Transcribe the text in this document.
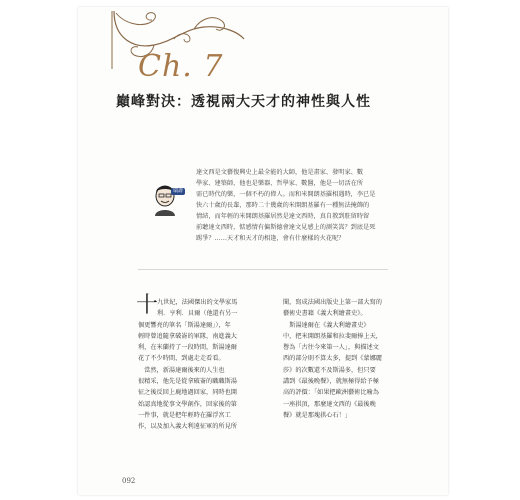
Ch. 7
巔峰對決：透視兩大天才的神性與人性
瑞壽
達文西是文藝復興史上最全能的大師，他是畫家、發明家、數
學家、建築師，他也是樂器、哲學家、數醫，他是一切活在所
需已時代的樂，一個不朽的偉人。而和米開朗基羅相遇時，李已是
快六十歲的長輩，那時二十幾歲的米開朗基羅有一種無法掩飾的
情結，而年輕的米開朗基羅居然是達文西時，真自教到駐留時留
前聽達文西時，惦感情有偏斯德會達文見感上的測笑嵩？到底是死
踢爭？……天才和天才的相逢，會有什麼樣的火花呢？
十
九世紀，法國傑出的文學家馬
利．亨利．貝爾（他還有另一
個更響亮的筆名「斯湯達爾」），年
輕時曾追隨拿破崙的軍隊，南進義大
利，在米蘭持了一段時間，斯湯達爾
花了不少時間，到處走走看看。
　當然，新湯達爾後來的人生也
很精采，他先是從拿破崙的職職斯湯
征之後反回上鹿地過回家，同時也開
始認真地從事文學創作，回家後的第
一件事，就是把年輕時在羅浮宮工
作，以及加入義大利遠征軍的所見所
聞，寫成法國出版史上第一部大寫的
藝術史書籍《義大利繪畫史》。
　斯湯達爾在《義大利繪畫史》
中，把米開朗基羅和拉斐爾捧上天，
譽為「古往今來第一人」，與描述文
西的部分則不算太多，提到《蒙娜麗
莎》的次數還不及斯湯多，但只要
講到《最後晚餐》，就無極得給予極
高的評價：「如果把歐洲藝術比喻為
一座拱頂，那麼達文西的《最後晚
餐》就是那塊拱心石！」
092
